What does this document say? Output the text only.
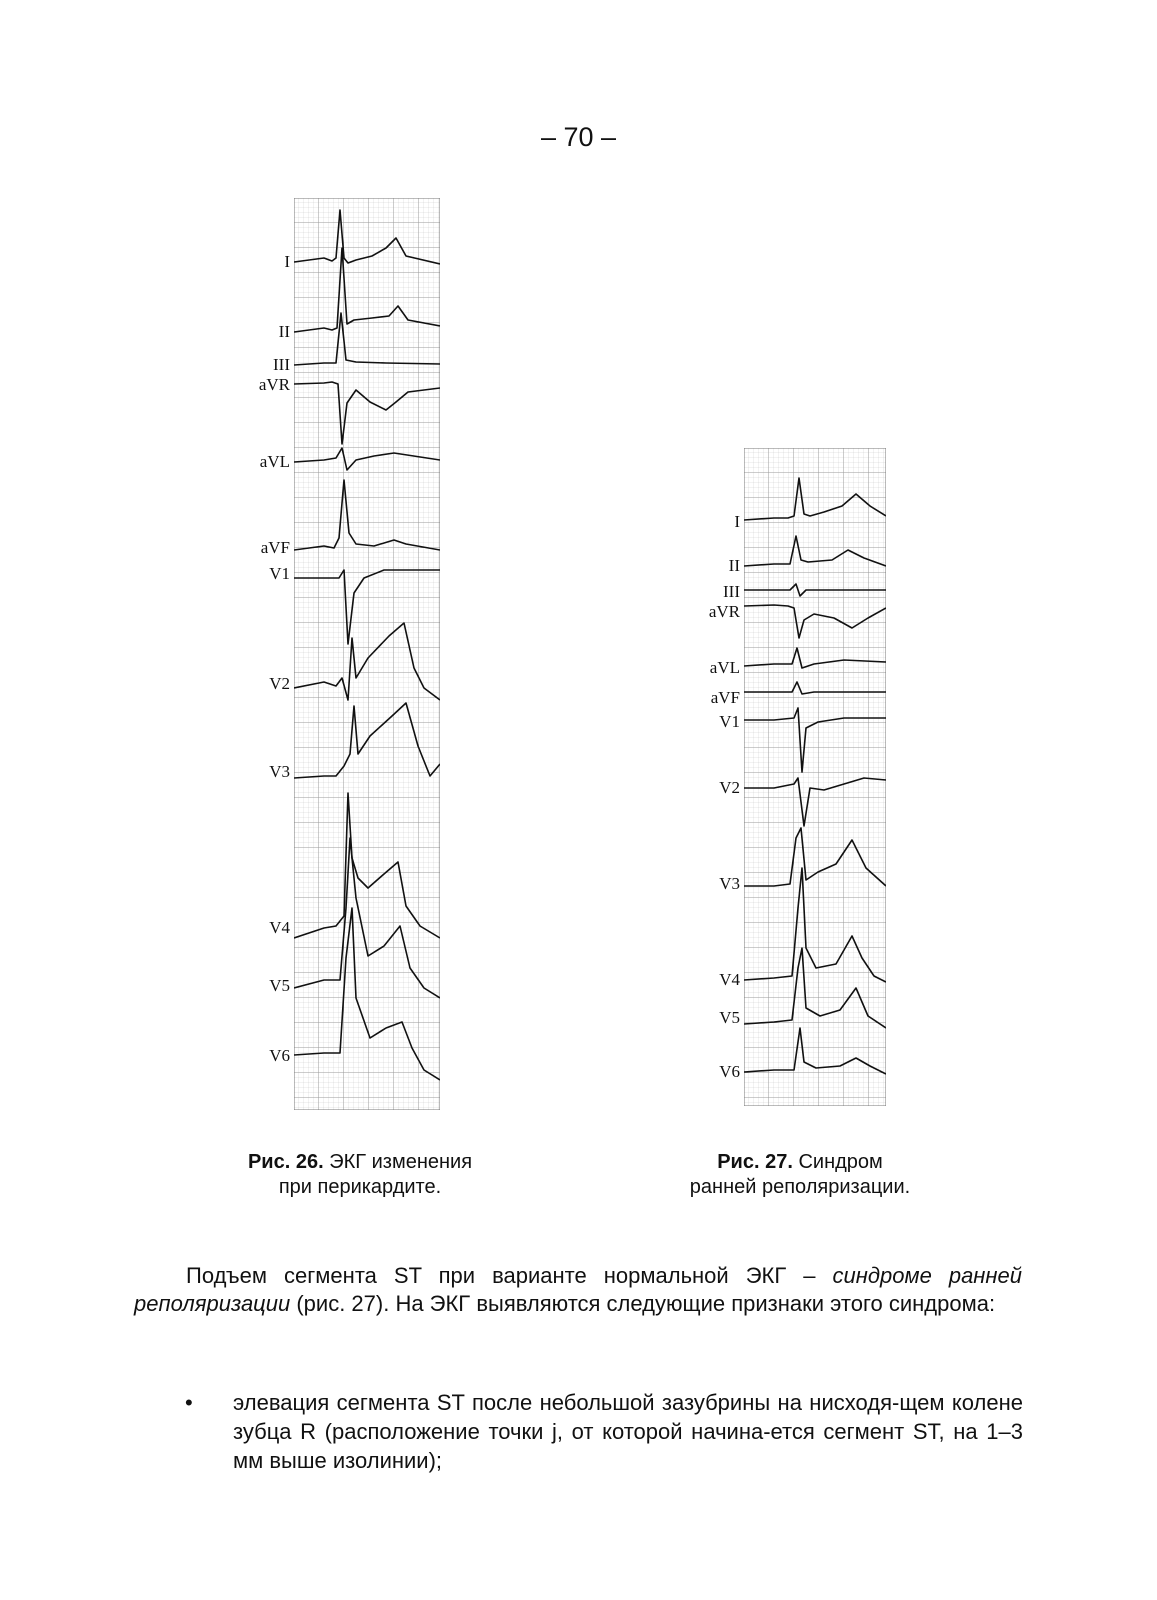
– 70 –
I
II
III
aVR
aVL
aVF
V1
V2
V3
V4
V5
V6
I
II
III
aVR
aVL
aVF
V1
V2
V3
V4
V5
V6
Рис. 26. ЭКГ изменения
при перикардите.
Рис. 27. Синдром
ранней реполяризации.
Подъем сегмента ST при варианте нормальной ЭКГ – синдроме ранней реполяризации (рис. 27). На ЭКГ выявляются следующие признаки этого синдрома:
• элевация сегмента ST после небольшой зазубрины на нисходя-щем колене зубца R (расположение точки j, от которой начина-ется сегмент ST, на 1–3 мм выше изолинии);
